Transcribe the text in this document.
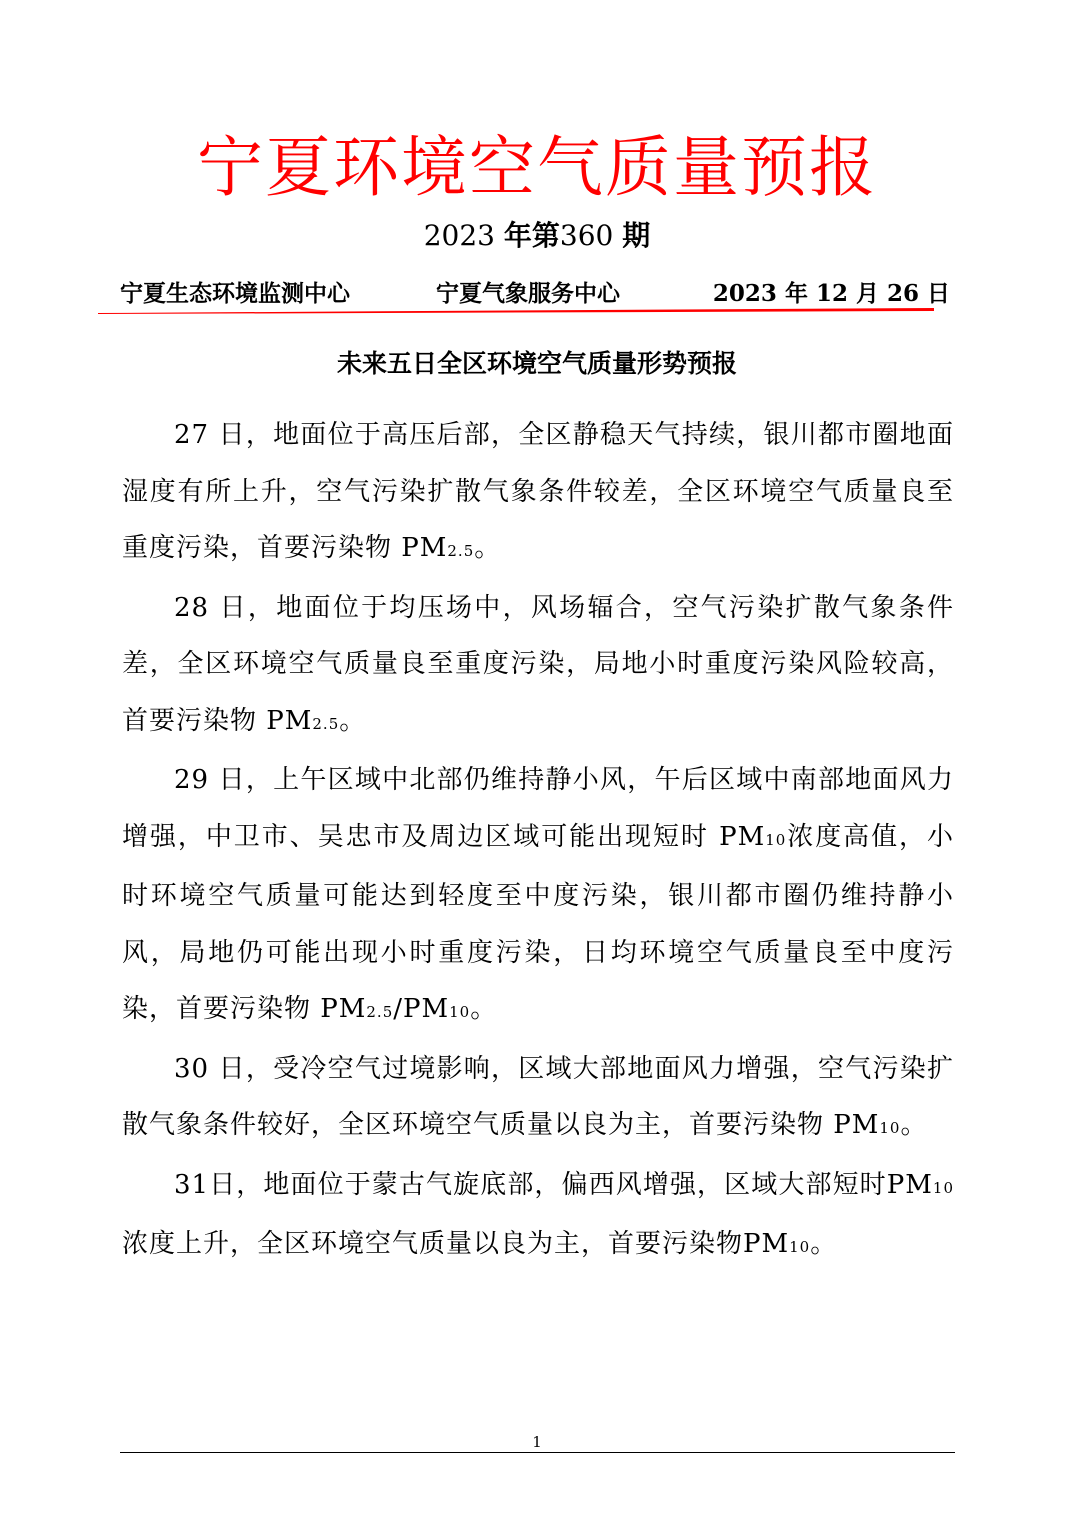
宁夏环境空气质量预报
2023 年第360 期
宁夏生态环境监测中心	宁夏气象服务中心	2023 年 12 月 26 日
未来五日全区环境空气质量形势预报

27 日，地面位于高压后部，全区静稳天气持续，银川都市圈地面湿度有所上升，空气污染扩散气象条件较差，全区环境空气质量良至重度污染，首要污染物 PM2.5。

28 日，地面位于均压场中，风场辐合，空气污染扩散气象条件差，全区环境空气质量良至重度污染，局地小时重度污染风险较高，首要污染物 PM2.5。

29 日，上午区域中北部仍维持静小风，午后区域中南部地面风力增强，中卫市、吴忠市及周边区域可能出现短时 PM10浓度高值，小时环境空气质量可能达到轻度至中度污染，银川都市圈仍维持静小风，局地仍可能出现小时重度污染，日均环境空气质量良至中度污染，首要污染物 PM2.5/PM10。

30 日，受冷空气过境影响，区域大部地面风力增强，空气污染扩散气象条件较好，全区环境空气质量以良为主，首要污染物 PM10。

31日，地面位于蒙古气旋底部，偏西风增强，区域大部短时PM10浓度上升，全区环境空气质量以良为主，首要污染物PM10。

1
